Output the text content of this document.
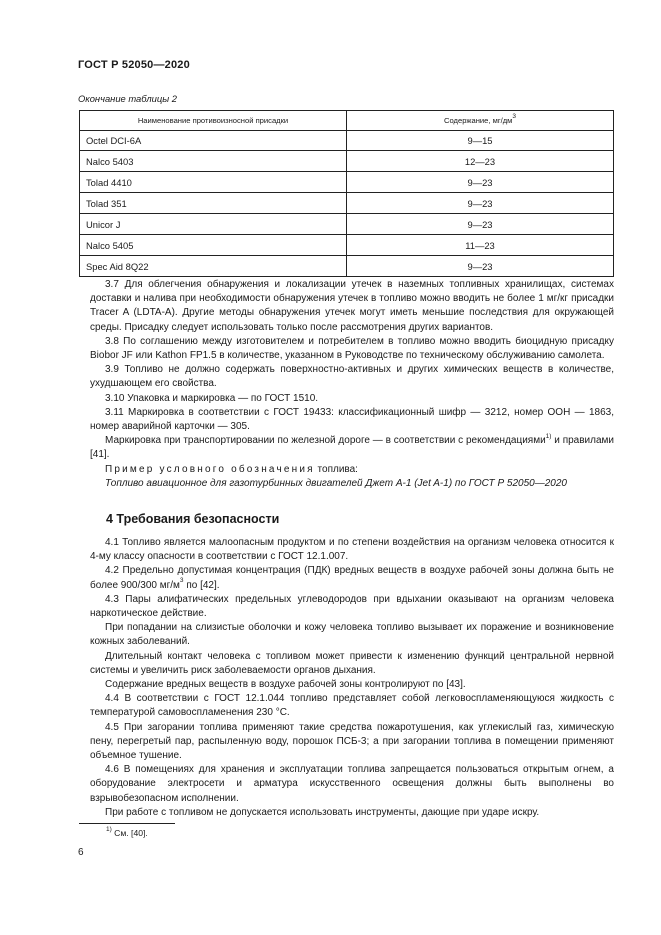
ГОСТ Р 52050—2020
Окончание таблицы 2
Наименование противоизносной присадки	Содержание, $мг/дм^3$
Octel DCI-6A	9—15
Nalco 5403	12—23
Tolad 4410	9—23
Tolad 351	9—23
Unicor J	9—23
Nalco 5405	11—23
Spec Aid 8Q22	9—23

3.7 Для облегчения обнаружения и локализации утечек в наземных топливных хранилищах, системах доставки и налива при необходимости обнаружения утечек в топливо можно вводить не более 1 мг/кг присадки Tracer A (LDTA-A). Другие методы обнаружения утечек могут иметь меньшие последствия для окружающей среды. Присадку следует использовать только после рассмотрения других вариантов.

3.8 По соглашению между изготовителем и потребителем в топливо можно вводить биоцидную присадку Biobor JF или Kathon FP1.5 в количестве, указанном в Руководстве по техническому обслуживанию самолета.

3.9 Топливо не должно содержать поверхностно-активных и других химических веществ в количестве, ухудшающем его свойства.

3.10 Упаковка и маркировка — по ГОСТ 1510.

3.11 Маркировка в соответствии с ГОСТ 19433: классификационный шифр — 3212, номер ООН — 1863, номер аварийной карточки — 305.

Маркировка при транспортировании по железной дороге — в соответствии с рекомендациями$^{1)}$ и правилами [41].

Пример условного обозначения топлива:

Топливо авиационное для газотурбинных двигателей Джет А-1 (Jet A-1) по ГОСТ Р 52050—2020

4 Требования безопасности

4.1 Топливо является малоопасным продуктом и по степени воздействия на организм человека относится к 4-му классу опасности в соответствии с ГОСТ 12.1.007.

4.2 Предельно допустимая концентрация (ПДК) вредных веществ в воздухе рабочей зоны должна быть не более 900/300 $мг/м^3$ по [42].

4.3 Пары алифатических предельных углеводородов при вдыхании оказывают на организм человека наркотическое действие.

При попадании на слизистые оболочки и кожу человека топливо вызывает их поражение и возникновение кожных заболеваний.

Длительный контакт человека с топливом может привести к изменению функций центральной нервной системы и увеличить риск заболеваемости органов дыхания.

Содержание вредных веществ в воздухе рабочей зоны контролируют по [43].

4.4 В соответствии с ГОСТ 12.1.044 топливо представляет собой легковоспламеняющуюся жидкость с температурой самовоспламенения 230 °С.

4.5 При загорании топлива применяют такие средства пожаротушения, как углекислый газ, химическую пену, перегретый пар, распыленную воду, порошок ПСБ-3; а при загорании топлива в помещении применяют объемное тушение.

4.6 В помещениях для хранения и эксплуатации топлива запрещается пользоваться открытым огнем, а оборудование электросети и арматура искусственного освещения должны быть выполнены во взрывобезопасном исполнении.

При работе с топливом не допускается использовать инструменты, дающие при ударе искру.

$^{1)}$ См. [40].
6
